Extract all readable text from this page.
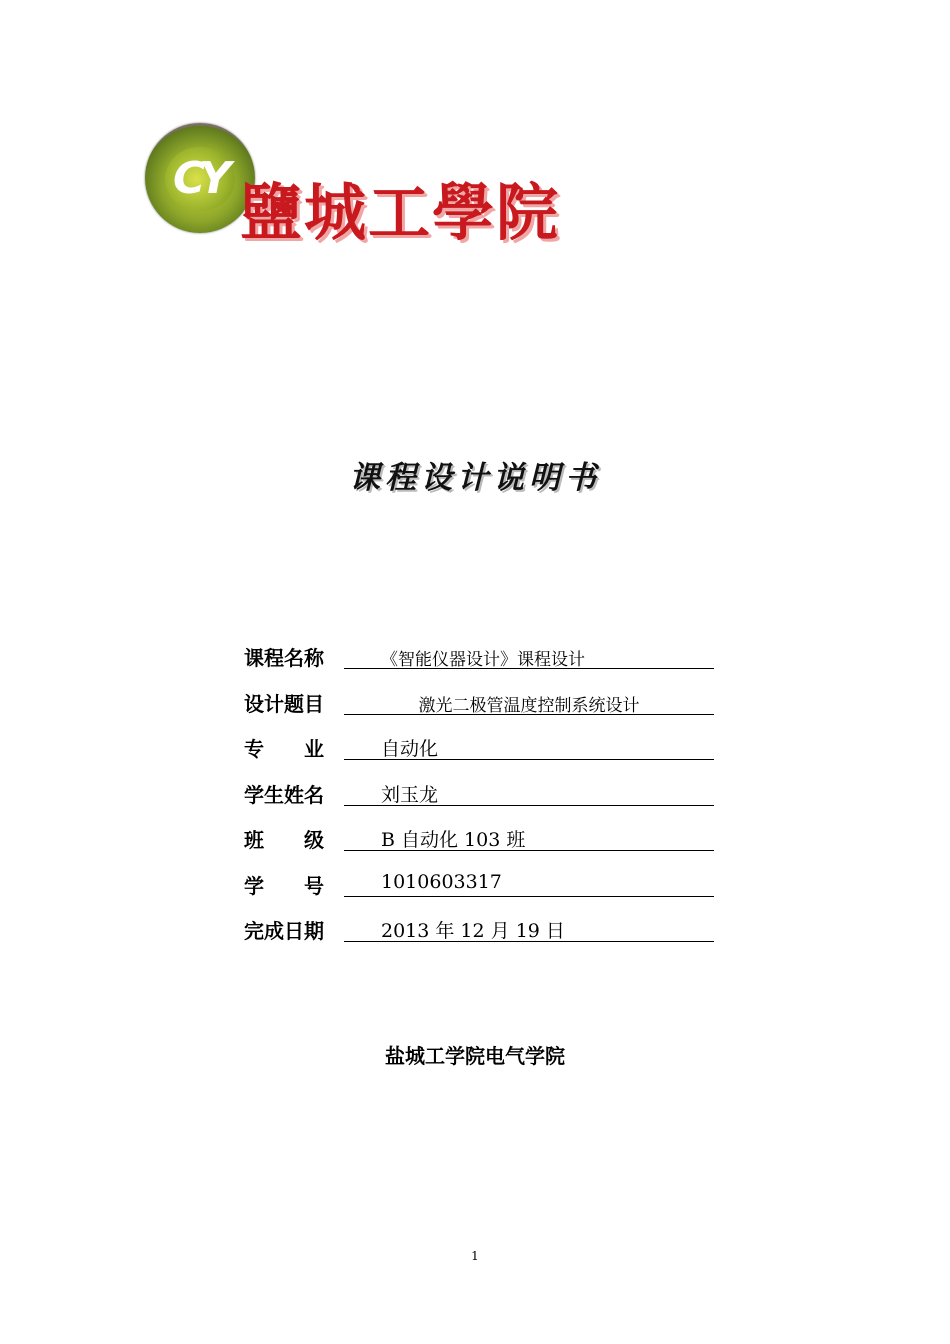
CY 鹽城工學院
课程设计说明书
课程名称	《智能仪器设计》课程设计
设计题目	激光二极管温度控制系统设计
专　　业	自动化
学生姓名	刘玉龙
班　　级	B 自动化 103 班
学　　号	1010603317
完成日期	2013 年 12 月 19 日
盐城工学院电气学院
1
